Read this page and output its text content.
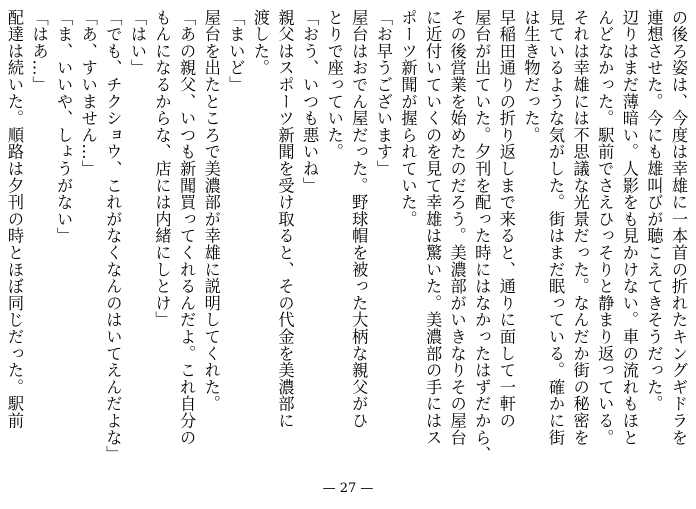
の後ろ姿は、今度は幸雄に一本首の折れたキングギドラを
連想させた。今にも雄叫びが聴こえてきそうだった。
辺りはまだ薄暗い。人影をも見かけない。車の流れもほと
んどなかった。駅前でさえひっそりと静まり返っている。
それは幸雄には不思議な光景だった。なんだか街の秘密を
見ているような気がした。街はまだ眠っている。確かに街
は生き物だった。
早稲田通りの折り返しまで来ると、通りに面して一軒の
屋台が出ていた。夕刊を配った時にはなかったはずだから、
その後営業を始めたのだろう。美濃部がいきなりその屋台
に近付いていくのを見て幸雄は驚いた。美濃部の手にはス
ポーツ新聞が握られていた。
「お早うございます」
屋台はおでん屋だった。野球帽を被った大柄な親父がひ
とりで座っていた。
「おう、いつも悪いね」
親父はスポーツ新聞を受け取ると、その代金を美濃部に
渡した。
「まいど」
屋台を出たところで美濃部が幸雄に説明してくれた。
「あの親父、いつも新聞買ってくれるんだよ。これ自分の
もんになるからな、店には内緒にしとけ」
「はい」
「でも、チクショウ、これがなくなんのはいてえんだよな」
「あ、すいません…」
「ま、いいや、しょうがない」
「はあ…」
配達は続いた。順路は夕刊の時とほぼ同じだった。駅前
— 27 —
